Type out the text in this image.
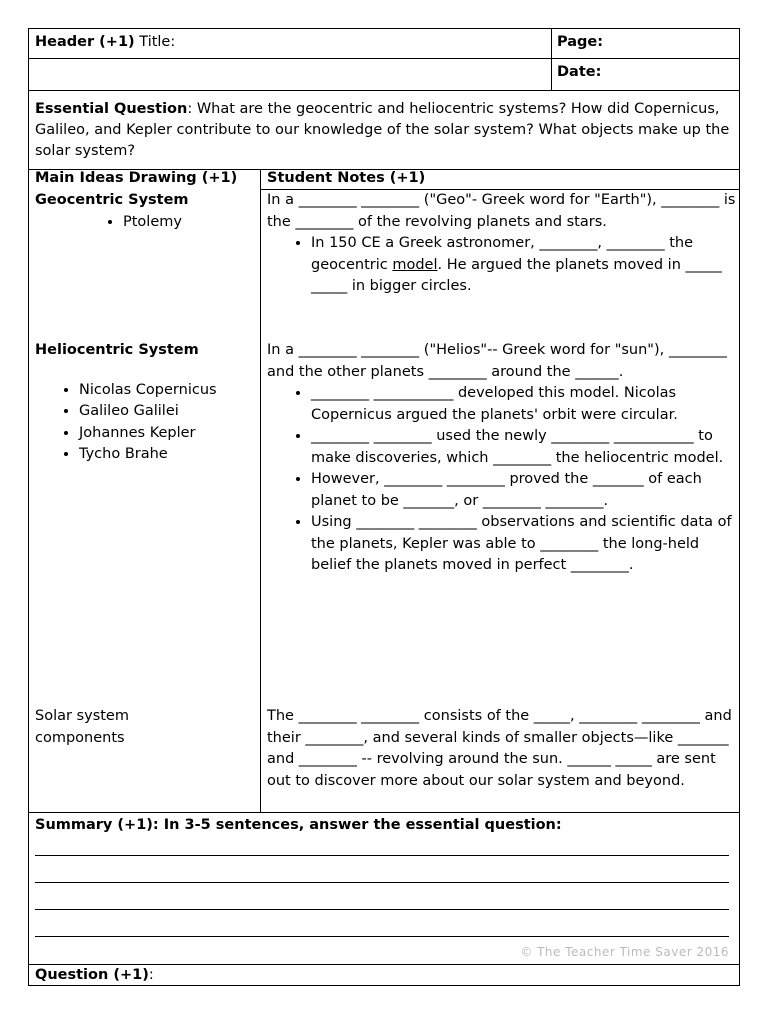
Header (+1) Title:	Page:
Date:
Essential Question: What are the geocentric and heliocentric systems? How did Copernicus, Galileo, and Kepler contribute to our knowledge of the solar system? What objects make up the solar system?
Main Ideas Drawing (+1) Student Notes (+1)

Geocentric System

• Ptolemy

In a ________ ________ ("Geo"- Greek word for "Earth"), ________ is the ________ of the revolving planets and stars.

• In 150 CE a Greek astronomer, ________, ________ the geocentric model. He argued the planets moved in _____ _____ in bigger circles.

Heliocentric System

• Nicolas Copernicus
• Galileo Galilei
• Johannes Kepler
• Tycho Brahe

In a ________ ________ ("Helios"-- Greek word for "sun"), ________ and the other planets ________ around the ______.

• ________ ___________ developed this model. Nicolas Copernicus argued the planets' orbit were circular.
• ________ ________ used the newly ________ ___________ to make discoveries, which ________ the heliocentric model.
• However, ________ ________ proved the _______ of each planet to be _______, or ________ ________.
• Using ________ ________ observations and scientific data of the planets, Kepler was able to ________ the long-held belief the planets moved in perfect ________.

Solar system components

The ________ ________ consists of the _____, ________ ________ and their ________, and several kinds of smaller objects—like _______ and ________ -- revolving around the sun. ______ _____ are sent out to discover more about our solar system and beyond.

Summary (+1): In 3-5 sentences, answer the essential question:
© The Teacher Time Saver 2016
Question (+1):
